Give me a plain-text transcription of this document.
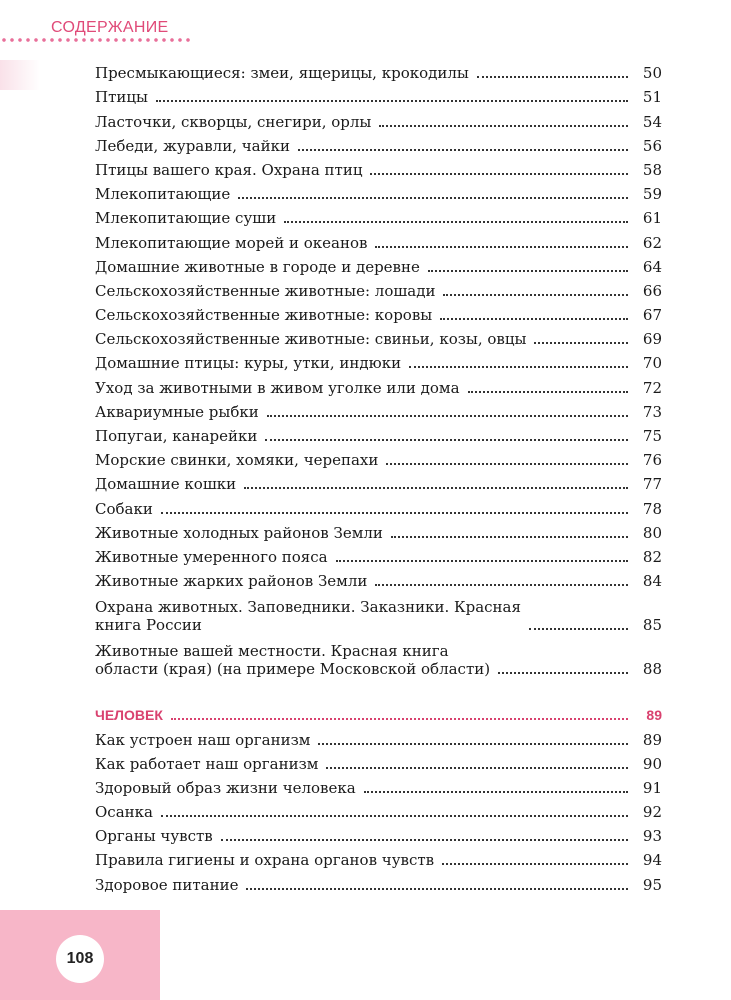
СОДЕРЖАНИЕ
Пресмыкающиеся: змеи, ящерицы, крокодилы	50
Птицы	51
Ласточки, скворцы, снегири, орлы	54
Лебеди, журавли, чайки	56
Птицы вашего края. Охрана птиц	58
Млекопитающие	59
Млекопитающие суши	61
Млекопитающие морей и океанов	62
Домашние животные в городе и деревне	64
Сельскохозяйственные животные: лошади	66
Сельскохозяйственные животные: коровы	67
Сельскохозяйственные животные: свиньи, козы, овцы	69
Домашние птицы: куры, утки, индюки	70
Уход за животными в живом уголке или дома	72
Аквариумные рыбки	73
Попугаи, канарейки	75
Морские свинки, хомяки, черепахи	76
Домашние кошки	77
Собаки	78
Животные холодных районов Земли	80
Животные умеренного пояса	82
Животные жарких районов Земли	84
Охрана животных. Заповедники. Заказники. Красная
книга России	85
Животные вашей местности. Красная книга
области (края) (на примере Московской области)	88
ЧЕЛОВЕК	89
Как устроен наш организм	89
Как работает наш организм	90
Здоровый образ жизни человека	91
Осанка	92
Органы чувств	93
Правила гигиены и охрана органов чувств	94
Здоровое питание	95
108
